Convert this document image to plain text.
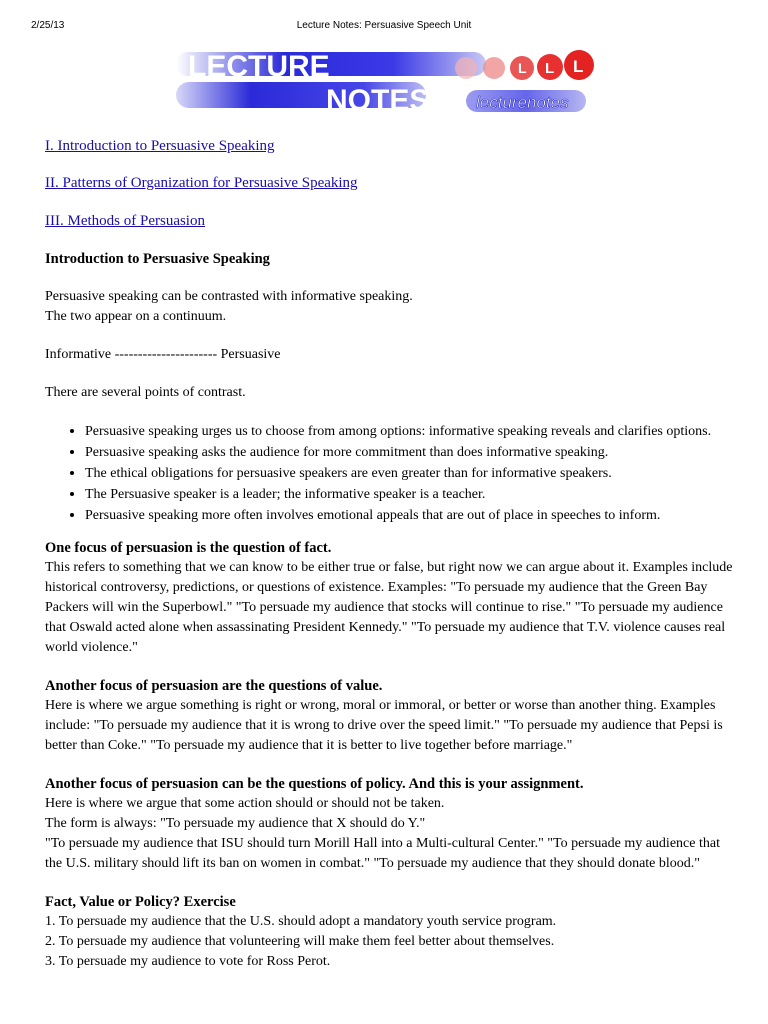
2/25/13	Lecture Notes: Persuasive Speech Unit
LECTURE
NOTES	lecturenotes
L L L
I. Introduction to Persuasive Speaking
II. Patterns of Organization for Persuasive Speaking
III. Methods of Persuasion
Introduction to Persuasive Speaking
Persuasive speaking can be contrasted with informative speaking.
The two appear on a continuum.
Informative ---------------------- Persuasive
There are several points of contrast.
• Persuasive speaking urges us to choose from among options: informative speaking reveals and clarifies options.
• Persuasive speaking asks the audience for more commitment than does informative speaking.
• The ethical obligations for persuasive speakers are even greater than for informative speakers.
• The Persuasive speaker is a leader; the informative speaker is a teacher.
• Persuasive speaking more often involves emotional appeals that are out of place in speeches to inform.
One focus of persuasion is the question of fact.

This refers to something that we can know to be either true or false, but right now we can argue about it. Examples include historical controversy, predictions, or questions of existence. Examples: "To persuade my audience that the Green Bay Packers will win the Superbowl." "To persuade my audience that stocks will continue to rise." "To persuade my audience that Oswald acted alone when assassinating President Kennedy." "To persuade my audience that T.V. violence causes real world violence."

Another focus of persuasion are the questions of value.

Here is where we argue something is right or wrong, moral or immoral, or better or worse than another thing. Examples include: "To persuade my audience that it is wrong to drive over the speed limit." "To persuade my audience that Pepsi is better than Coke." "To persuade my audience that it is better to live together before marriage."

Another focus of persuasion can be the questions of policy. And this is your assignment.
Here is where we argue that some action should or should not be taken.
The form is always: "To persuade my audience that X should do Y."
"To persuade my audience that ISU should turn Morill Hall into a Multi-cultural Center." "To persuade my audience that the U.S. military should lift its ban on women in combat." "To persuade my audience that they should donate blood."
Fact, Value or Policy? Exercise
1. To persuade my audience that the U.S. should adopt a mandatory youth service program.
2. To persuade my audience that volunteering will make them feel better about themselves.
3. To persuade my audience to vote for Ross Perot.
